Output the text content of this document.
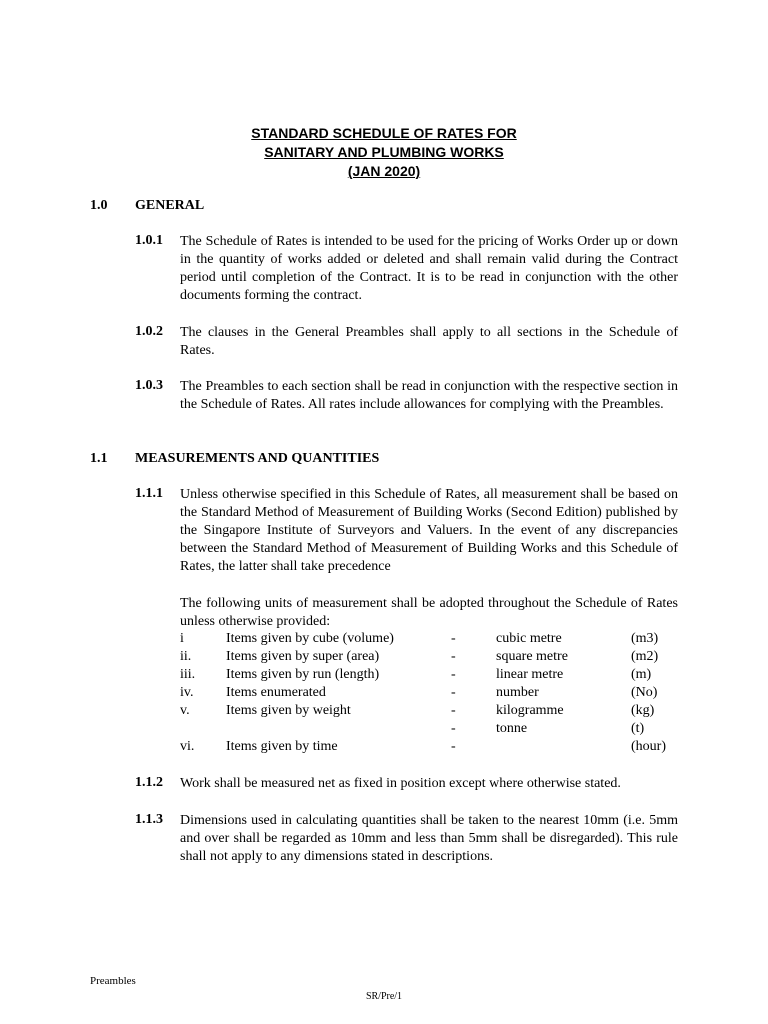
STANDARD SCHEDULE OF RATES FOR
SANITARY AND PLUMBING WORKS
(JAN 2020)
1.0 GENERAL
1.0.1 The Schedule of Rates is intended to be used for the pricing of Works Order up or down in the quantity of works added or deleted and shall remain valid during the Contract period until completion of the Contract. It is to be read in conjunction with the other documents forming the contract.
1.0.2 The clauses in the General Preambles shall apply to all sections in the Schedule of Rates.
1.0.3 The Preambles to each section shall be read in conjunction with the respective section in the Schedule of Rates. All rates include allowances for complying with the Preambles.
1.1 MEASUREMENTS AND QUANTITIES
1.1.1 Unless otherwise specified in this Schedule of Rates, all measurement shall be based on the Standard Method of Measurement of Building Works (Second Edition) published by the Singapore Institute of Surveyors and Valuers. In the event of any discrepancies between the Standard Method of Measurement of Building Works and this Schedule of Rates, the latter shall take precedence
The following units of measurement shall be adopted throughout the Schedule of Rates unless otherwise provided:
i	Items given by cube (volume)	-	cubic metre	(m3)
ii.	Items given by super (area)	-	square metre	(m2)
iii.	Items given by run (length)	-	linear metre	(m)
iv.	Items enumerated	-	number	(No)
v.	Items given by weight	-	kilogramme	(kg)
		-	tonne	(t)
vi.	Items given by time	-		(hour)
1.1.2 Work shall be measured net as fixed in position except where otherwise stated.
1.1.3 Dimensions used in calculating quantities shall be taken to the nearest 10mm (i.e. 5mm and over shall be regarded as 10mm and less than 5mm shall be disregarded). This rule shall not apply to any dimensions stated in descriptions.
Preambles
SR/Pre/1
